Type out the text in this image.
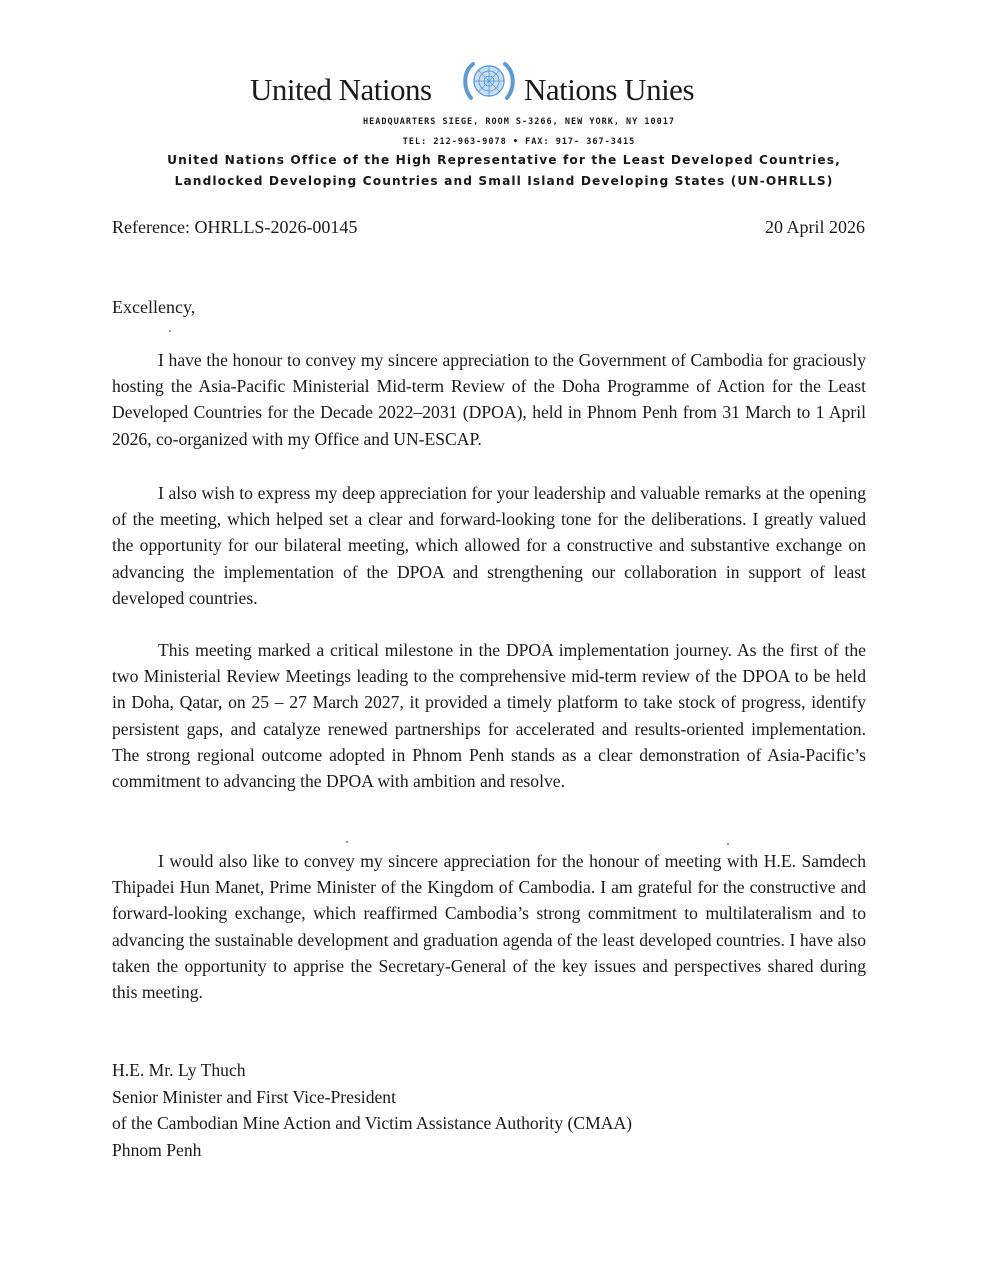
United Nations	Nations Unies
HEADQUARTERS SIEGE, ROOM S-3266, NEW YORK, NY 10017
TEL: 212-963-9078 • FAX: 917- 367-3415
United Nations Office of the High Representative for the Least Developed Countries,
Landlocked Developing Countries and Small Island Developing States (UN-OHRLLS)
Reference: OHRLLS-2026-00145	20 April 2026
Excellency,

I have the honour to convey my sincere appreciation to the Government of Cambodia for graciously hosting the Asia-Pacific Ministerial Mid-term Review of the Doha Programme of Action for the Least Developed Countries for the Decade 2022–2031 (DPOA), held in Phnom Penh from 31 March to 1 April 2026, co-organized with my Office and UN-ESCAP.

I also wish to express my deep appreciation for your leadership and valuable remarks at the opening of the meeting, which helped set a clear and forward-looking tone for the deliberations. I greatly valued the opportunity for our bilateral meeting, which allowed for a constructive and substantive exchange on advancing the implementation of the DPOA and strengthening our collaboration in support of least developed countries.

This meeting marked a critical milestone in the DPOA implementation journey. As the first of the two Ministerial Review Meetings leading to the comprehensive mid-term review of the DPOA to be held in Doha, Qatar, on 25 – 27 March 2027, it provided a timely platform to take stock of progress, identify persistent gaps, and catalyze renewed partnerships for accelerated and results-oriented implementation. The strong regional outcome adopted in Phnom Penh stands as a clear demonstration of Asia-Pacific’s commitment to advancing the DPOA with ambition and resolve.

I would also like to convey my sincere appreciation for the honour of meeting with H.E. Samdech Thipadei Hun Manet, Prime Minister of the Kingdom of Cambodia. I am grateful for the constructive and forward-looking exchange, which reaffirmed Cambodia’s strong commitment to multilateralism and to advancing the sustainable development and graduation agenda of the least developed countries. I have also taken the opportunity to apprise the Secretary-General of the key issues and perspectives shared during this meeting.

H.E. Mr. Ly Thuch
Senior Minister and First Vice-President
of the Cambodian Mine Action and Victim Assistance Authority (CMAA)
Phnom Penh
